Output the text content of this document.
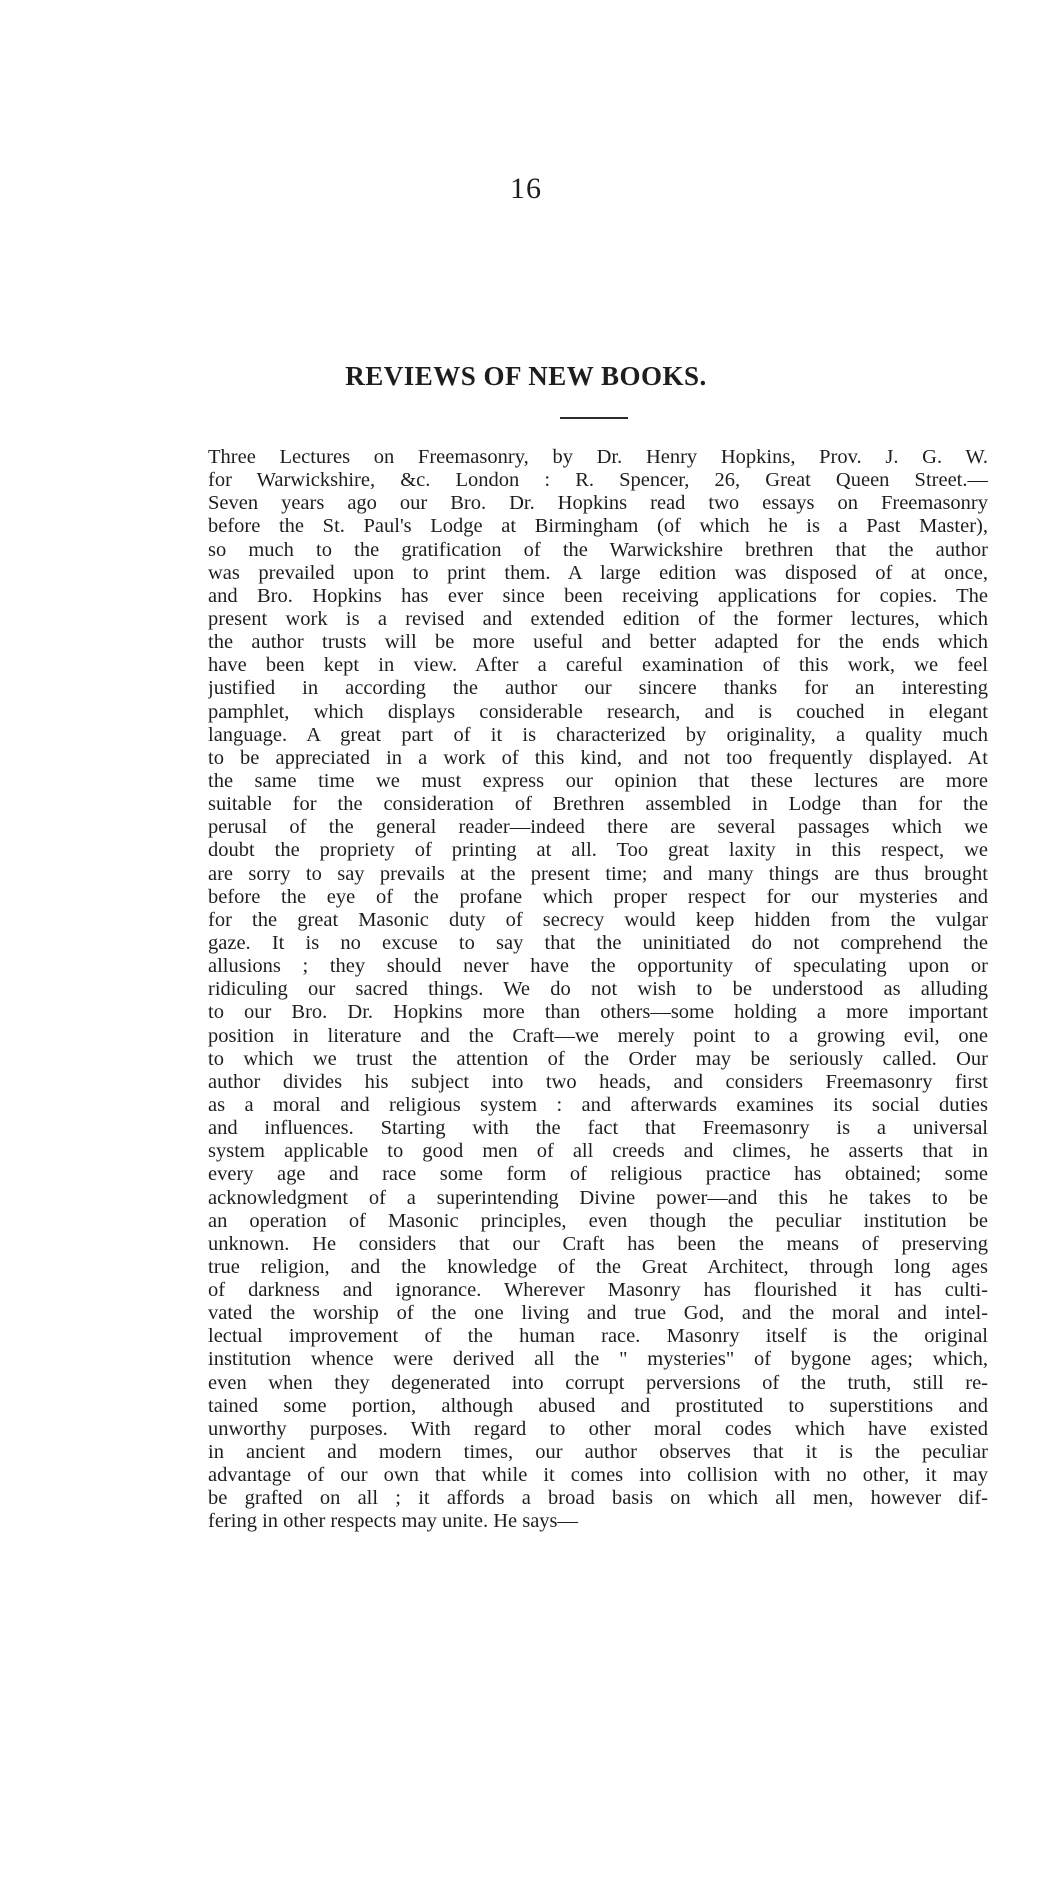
16
REVIEWS OF NEW BOOKS.
Three Lectures on Freemasonry, by Dr. Henry Hopkins, Prov. J. G. W.
for Warwickshire, &c. London : R. Spencer, 26, Great Queen Street.—
Seven years ago our Bro. Dr. Hopkins read two essays on Freemasonry
before the St. Paul's Lodge at Birmingham (of which he is a Past Master),
so much to the gratification of the Warwickshire brethren that the author
was prevailed upon to print them. A large edition was disposed of at once,
and Bro. Hopkins has ever since been receiving applications for copies. The
present work is a revised and extended edition of the former lectures, which
the author trusts will be more useful and better adapted for the ends which
have been kept in view. After a careful examination of this work, we feel
justified in according the author our sincere thanks for an interesting
pamphlet, which displays considerable research, and is couched in elegant
language. A great part of it is characterized by originality, a quality much
to be appreciated in a work of this kind, and not too frequently displayed. At
the same time we must express our opinion that these lectures are more
suitable for the consideration of Brethren assembled in Lodge than for the
perusal of the general reader—indeed there are several passages which we
doubt the propriety of printing at all. Too great laxity in this respect, we
are sorry to say prevails at the present time; and many things are thus brought
before the eye of the profane which proper respect for our mysteries and
for the great Masonic duty of secrecy would keep hidden from the vulgar
gaze. It is no excuse to say that the uninitiated do not comprehend the
allusions ; they should never have the opportunity of speculating upon or
ridiculing our sacred things. We do not wish to be understood as alluding
to our Bro. Dr. Hopkins more than others—some holding a more important
position in literature and the Craft—we merely point to a growing evil, one
to which we trust the attention of the Order may be seriously called. Our
author divides his subject into two heads, and considers Freemasonry first
as a moral and religious system : and afterwards examines its social duties
and influences. Starting with the fact that Freemasonry is a universal
system applicable to good men of all creeds and climes, he asserts that in
every age and race some form of religious practice has obtained; some
acknowledgment of a superintending Divine power—and this he takes to be
an operation of Masonic principles, even though the peculiar institution be
unknown. He considers that our Craft has been the means of preserving
true religion, and the knowledge of the Great Architect, through long ages
of darkness and ignorance. Wherever Masonry has flourished it has culti-
vated the worship of the one living and true God, and the moral and intel-
lectual improvement of the human race. Masonry itself is the original
institution whence were derived all the " mysteries" of bygone ages; which,
even when they degenerated into corrupt perversions of the truth, still re-
tained some portion, although abused and prostituted to superstitions and
unworthy purposes. With regard to other moral codes which have existed
in ancient and modern times, our author observes that it is the peculiar
advantage of our own that while it comes into collision with no other, it may
be grafted on all ; it affords a broad basis on which all men, however dif-
fering in other respects may unite. He says—
